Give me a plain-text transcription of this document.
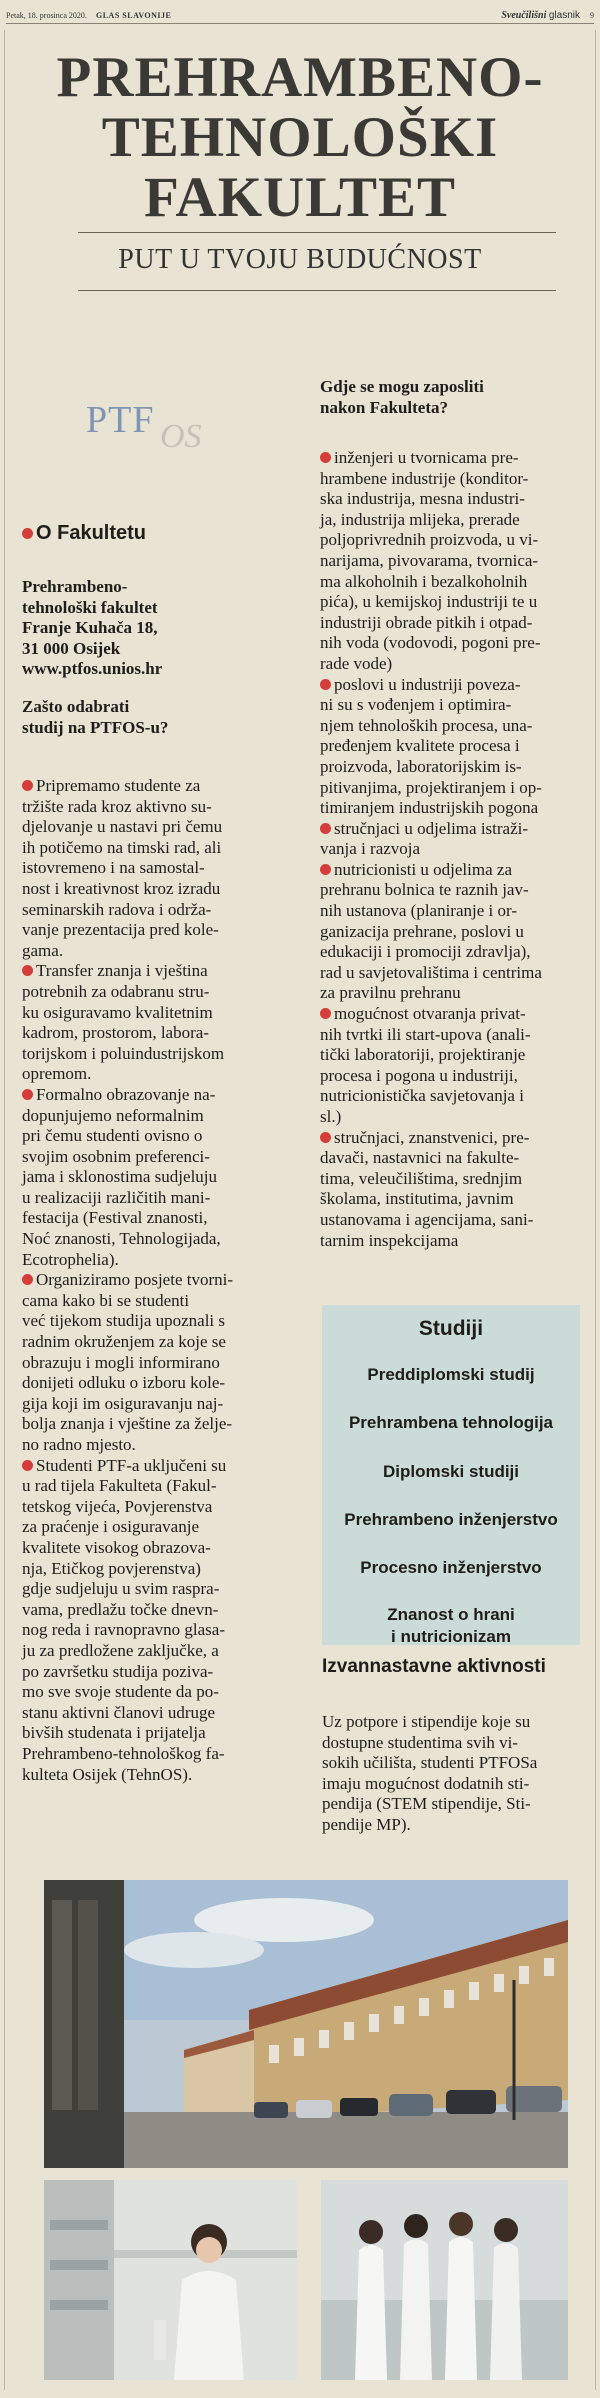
Petak, 18. prosinca 2020.	GLAS SLAVONIJE	Sveučilišni glasnik	9
PREHRAMBENO-
TEHNOLOŠKI
FAKULTET
PUT U TVOJU BUDUĆNOST
OS
PTF
O Fakultetu
Prehrambeno-
tehnološki fakultet
Franje Kuhača 18,
31 000 Osijek
www.ptfos.unios.hr
Zašto odabrati
studij na PTFOS-u?
Pripremamo studente za
tržište rada kroz aktivno su-
djelovanje u nastavi pri čemu
ih potičemo na timski rad, ali
istovremeno i na samostal-
nost i kreativnost kroz izradu
seminarskih radova i održa-
vanje prezentacija pred kole-
gama.
Transfer znanja i vještina
potrebnih za odabranu stru-
ku osiguravamo kvalitetnim
kadrom, prostorom, labora-
torijskom i poluindustrijskom
opremom.
Formalno obrazovanje na-
dopunjujemo neformalnim
pri čemu studenti ovisno o
svojim osobnim preferenci-
jama i sklonostima sudjeluju
u realizaciji različitih mani-
festacija (Festival znanosti,
Noć znanosti, Tehnologijada,
Ecotrophelia).
Organiziramo posjete tvorni-
cama kako bi se studenti
već tijekom studija upoznali s
radnim okruženjem za koje se
obrazuju i mogli informirano
donijeti odluku o izboru kole-
gija koji im osiguravanju naj-
bolja znanja i vještine za želje-
no radno mjesto.
Studenti PTF-a uključeni su
u rad tijela Fakulteta (Fakul-
tetskog vijeća, Povjerenstva
za praćenje i osiguravanje
kvalitete visokog obrazova-
nja, Etičkog povjerenstva)
gdje sudjeluju u svim raspra-
vama, predlažu točke dnevn-
nog reda i ravnopravno glasa-
ju za predložene zaključke, a
po završetku studija poziva-
mo sve svoje studente da po-
stanu aktivni članovi udruge
bivših studenata i prijatelja
Prehrambeno-tehnološkog fa-
kulteta Osijek (TehnOS).
Gdje se mogu zaposliti
nakon Fakulteta?
inženjeri u tvornicama pre-
hrambene industrije (konditor-
ska industrija, mesna industri-
ja, industrija mlijeka, prerade
poljoprivrednih proizvoda, u vi-
narijama, pivovarama, tvornica-
ma alkoholnih i bezalkoholnih
pića), u kemijskoj industriji te u
industriji obrade pitkih i otpad-
nih voda (vodovodi, pogoni pre-
rade vode)
poslovi u industriji poveza-
ni su s vođenjem i optimira-
njem tehnoloških procesa, una-
pređenjem kvalitete procesa i
proizvoda, laboratorijskim is-
pitivanjima, projektiranjem i op-
timiranjem industrijskih pogona
stručnjaci u odjelima istraži-
vanja i razvoja
nutricionisti u odjelima za
prehranu bolnica te raznih jav-
nih ustanova (planiranje i or-
ganizacija prehrane, poslovi u
edukaciji i promociji zdravlja),
rad u savjetovalištima i centrima
za pravilnu prehranu
mogućnost otvaranja privat-
nih tvrtki ili start-upova (anali-
tički laboratoriji, projektiranje
procesa i pogona u industriji,
nutricionistička savjetovanja i
sl.)
stručnjaci, znanstvenici, pre-
davači, nastavnici na fakulte-
tima, veleučilištima, srednjim
školama, institutima, javnim
ustanovama i agencijama, sani-
tarnim inspekcijama
Studiji
Preddiplomski studij
Prehrambena tehnologija
Diplomski studiji
Prehrambeno inženjerstvo
Procesno inženjerstvo
Znanost o hrani
i nutricionizam
Izvannastavne aktivnosti
Uz potpore i stipendije koje su
dostupne studentima svih vi-
sokih učilišta, studenti PTFOSa
imaju mogućnost dodatnih sti-
pendija (STEM stipendije, Sti-
pendije MP).
